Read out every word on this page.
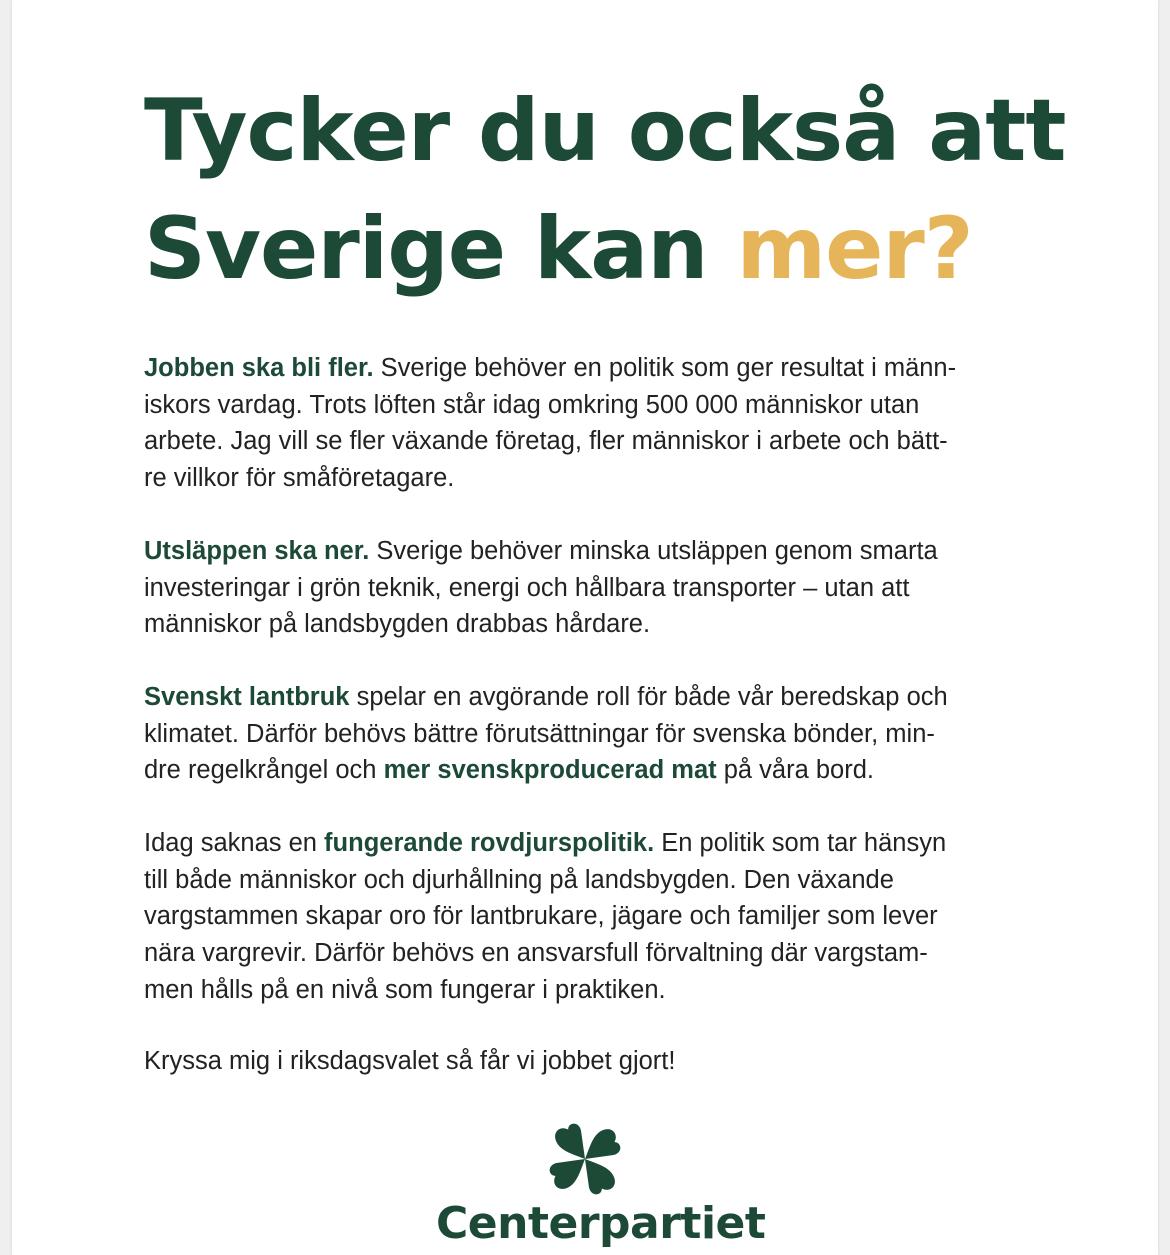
Tycker du också att
Sverige kan mer?

Jobben ska bli fler. Sverige behöver en politik som ger resultat i männ-
iskors vardag. Trots löften står idag omkring 500 000 människor utan
arbete. Jag vill se fler växande företag, fler människor i arbete och bätt-
re villkor för småföretagare.

Utsläppen ska ner. Sverige behöver minska utsläppen genom smarta
investeringar i grön teknik, energi och hållbara transporter – utan att
människor på landsbygden drabbas hårdare.

Svenskt lantbruk spelar en avgörande roll för både vår beredskap och
klimatet. Därför behövs bättre förutsättningar för svenska bönder, min-
dre regelkrångel och mer svenskproducerad mat på våra bord.

Idag saknas en fungerande rovdjurspolitik. En politik som tar hänsyn
till både människor och djurhållning på landsbygden. Den växande
vargstammen skapar oro för lantbrukare, jägare och familjer som lever
nära vargrevir. Därför behövs en ansvarsfull förvaltning där vargstam-
men hålls på en nivå som fungerar i praktiken.

Kryssa mig i riksdagsvalet så får vi jobbet gjort!

Centerpartiet
